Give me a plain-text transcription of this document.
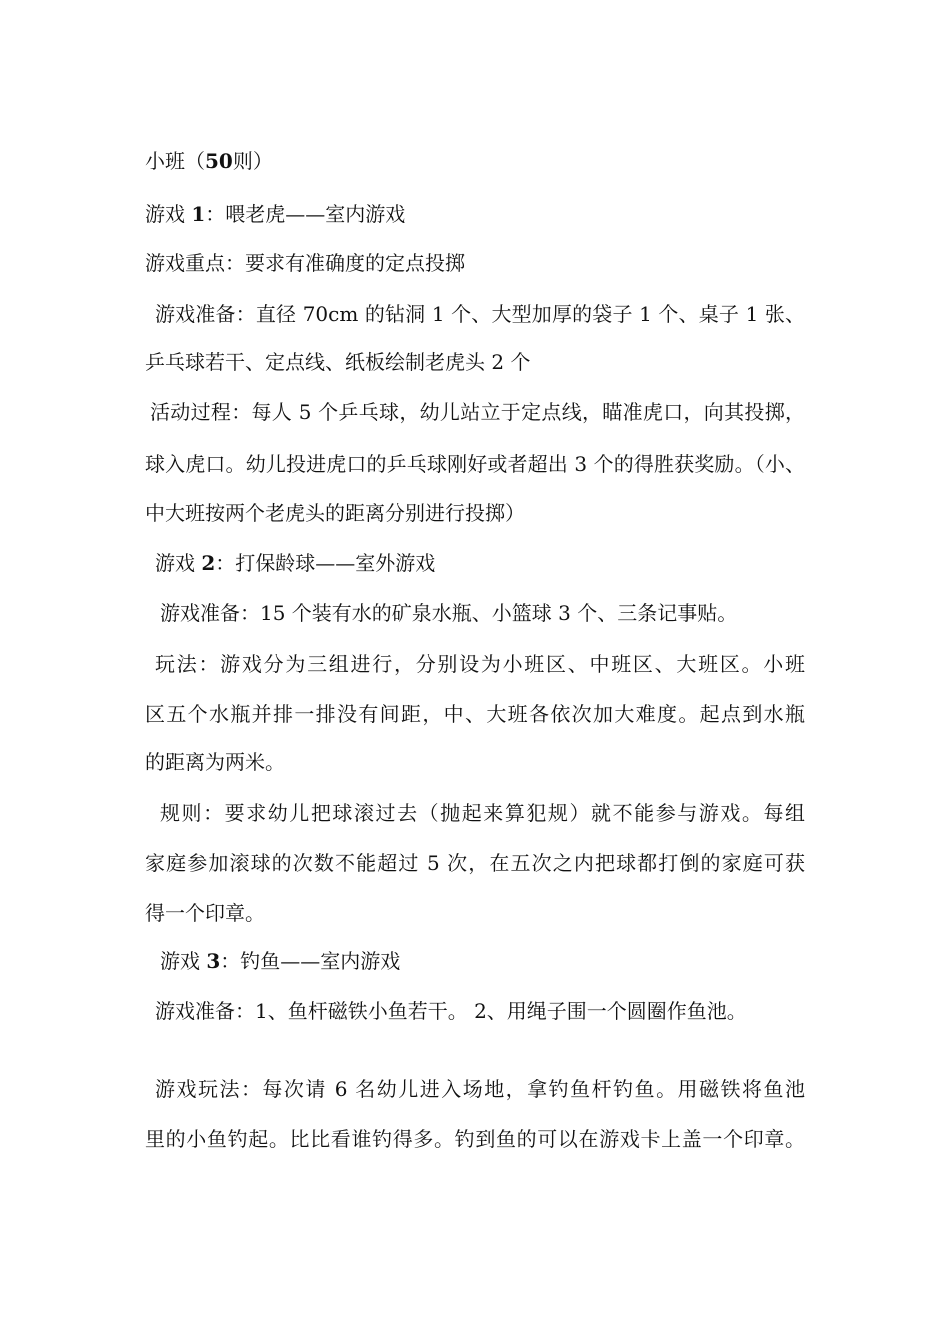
小班（50则）
游戏 1：喂老虎——室内游戏
游戏重点：要求有准确度的定点投掷
游戏准备：直径 70cm 的钻洞 1 个、大型加厚的袋子 1 个、桌子 1 张、
乒乓球若干、定点线、纸板绘制老虎头 2 个
活动过程：每人 5 个乒乓球，幼儿站立于定点线，瞄准虎口，向其投掷，
球入虎口。幼儿投进虎口的乒乓球刚好或者超出 3 个的得胜获奖励。（小、
中大班按两个老虎头的距离分别进行投掷）
游戏 2：打保龄球——室外游戏
游戏准备：15 个装有水的矿泉水瓶、小篮球 3 个、三条记事贴。
玩法：游戏分为三组进行，分别设为小班区、中班区、大班区。小班
区五个水瓶并排一排没有间距，中、大班各依次加大难度。起点到水瓶
的距离为两米。
规则：要求幼儿把球滚过去（抛起来算犯规）就不能参与游戏。每组
家庭参加滚球的次数不能超过 5 次，在五次之内把球都打倒的家庭可获
得一个印章。
游戏 3：钓鱼——室内游戏
游戏准备：1、鱼杆磁铁小鱼若干。 2、用绳子围一个圆圈作鱼池。
游戏玩法：每次请 6 名幼儿进入场地，拿钓鱼杆钓鱼。用磁铁将鱼池
里的小鱼钓起。比比看谁钓得多。钓到鱼的可以在游戏卡上盖一个印章。
